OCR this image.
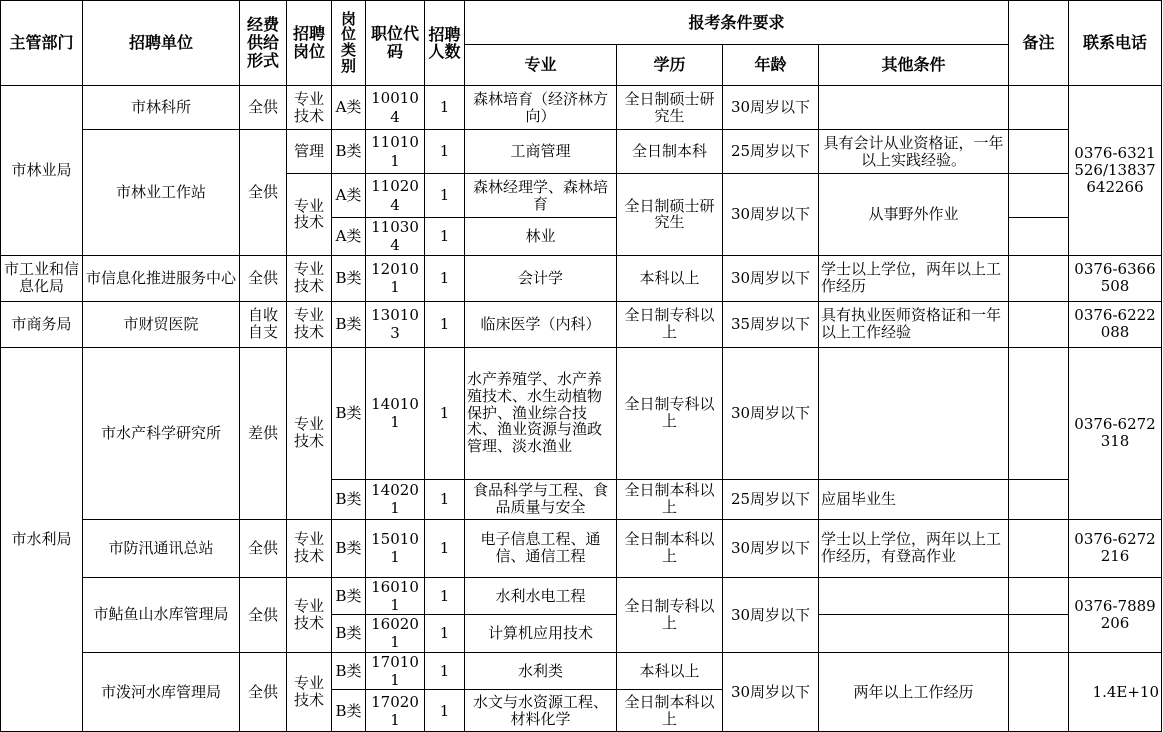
主管部门	招聘单位	经费供给形式	招聘岗位	岗位类别	职位代码	招聘人数	报考条件要求				备注	联系电话
							专业	学历	年龄	其他条件		
市林业局	市林科所	全供	专业技术	A类	100104	1	森林培育（经济林方向）	全日制硕士研究生	30周岁以下			0376-6321526/13837642266
	市林业工作站	全供	管理	B类	110101	1	工商管理	全日制本科	25周岁以下	具有会计从业资格证，一年以上实践经验。		
			专业技术	A类	110204	1	森林经理学、森林培育	全日制硕士研究生	30周岁以下	从事野外作业		
				A类	110304	1	林业					
市工业和信息化局	市信息化推进服务中心	全供	专业技术	B类	120101	1	会计学	本科以上	30周岁以下	学士以上学位，两年以上工作经历		0376-6366508
市商务局	市财贸医院	自收自支	专业技术	B类	130103	1	临床医学（内科）	全日制专科以上	35周岁以下	具有执业医师资格证和一年以上工作经验		0376-6222088
市水利局	市水产科学研究所	差供	专业技术	B类	140101	1	水产养殖学、水产养殖技术、水生动植物保护、渔业综合技术、渔业资源与渔政管理、淡水渔业	全日制专科以上	30周岁以下			0376-6272318
				B类	140201	1	食品科学与工程、食品质量与安全	全日制本科以上	25周岁以下	应届毕业生		
	市防汛通讯总站	全供	专业技术	B类	150101	1	电子信息工程、通信、通信工程	全日制本科以上	30周岁以下	学士以上学位，两年以上工作经历，有登高作业		0376-6272216
	市鲇鱼山水库管理局	全供	专业技术	B类	160101	1	水利水电工程	全日制专科以上	30周岁以下			0376-7889206
				B类	160201	1	计算机应用技术					
	市泼河水库管理局	全供	专业技术	B类	170101	1	水利类	本科以上	30周岁以下	两年以上工作经历		1.4E+10
				B类	170201	1	水文与水资源工程、材料化学	全日制本科以上				
